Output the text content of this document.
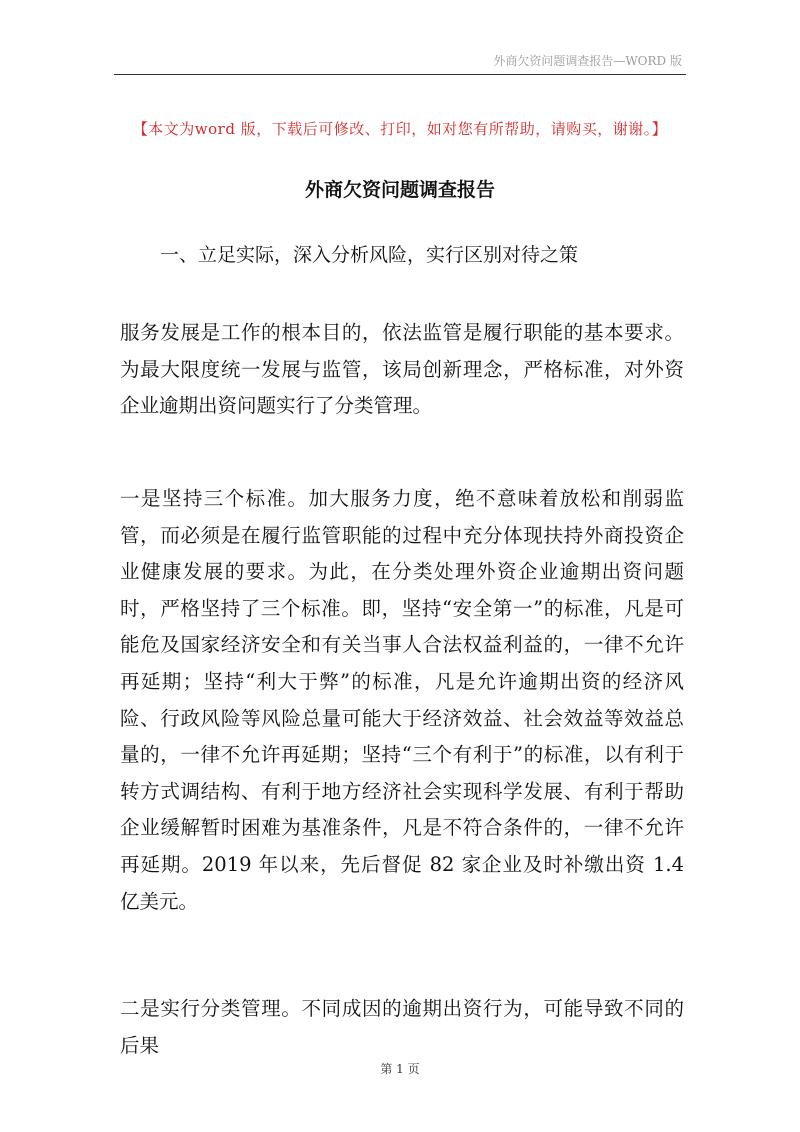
外商欠资问题调查报告—WORD 版
【本文为word 版，下载后可修改、打印，如对您有所帮助，请购买，谢谢。】
外商欠资问题调查报告
一、立足实际，深入分析风险，实行区别对待之策
服务发展是工作的根本目的，依法监管是履行职能的基本要求。为最大限度统一发展与监管，该局创新理念，严格标准，对外资企业逾期出资问题实行了分类管理。
一是坚持三个标准。加大服务力度，绝不意味着放松和削弱监管，而必须是在履行监管职能的过程中充分体现扶持外商投资企业健康发展的要求。为此，在分类处理外资企业逾期出资问题时，严格坚持了三个标准。即，坚持“安全第一”的标准，凡是可能危及国家经济安全和有关当事人合法权益利益的，一律不允许再延期；坚持“利大于弊”的标准，凡是允许逾期出资的经济风险、行政风险等风险总量可能大于经济效益、社会效益等效益总量的，一律不允许再延期；坚持“三个有利于”的标准，以有利于转方式调结构、有利于地方经济社会实现科学发展、有利于帮助企业缓解暂时困难为基准条件，凡是不符合条件的，一律不允许再延期。2019 年以来，先后督促 82 家企业及时补缴出资 1.4 亿美元。
二是实行分类管理。不同成因的逾期出资行为，可能导致不同的后果
第 1 页
